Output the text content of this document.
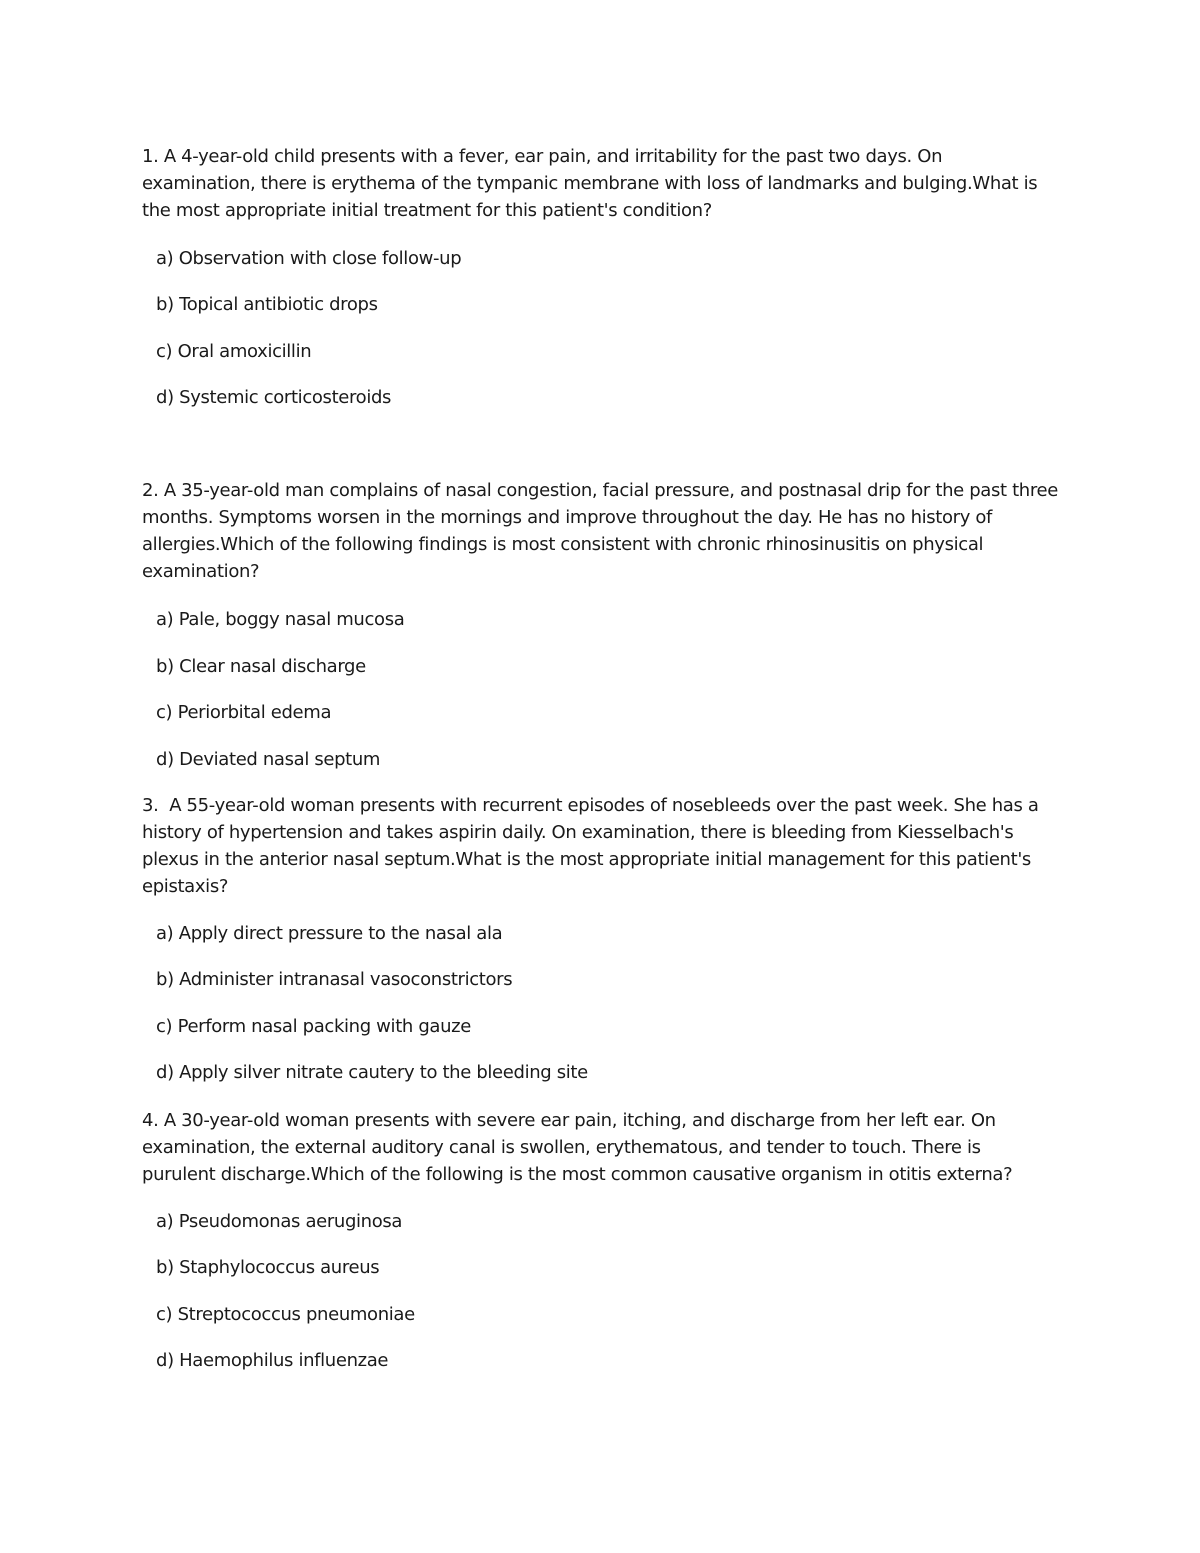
1. A 4-year-old child presents with a fever, ear pain, and irritability for the past two days. On
examination, there is erythema of the tympanic membrane with loss of landmarks and bulging.What is
the most appropriate initial treatment for this patient's condition?
a) Observation with close follow-up
b) Topical antibiotic drops
c) Oral amoxicillin
d) Systemic corticosteroids
2. A 35-year-old man complains of nasal congestion, facial pressure, and postnasal drip for the past three
months. Symptoms worsen in the mornings and improve throughout the day. He has no history of
allergies.Which of the following findings is most consistent with chronic rhinosinusitis on physical
examination?
a) Pale, boggy nasal mucosa
b) Clear nasal discharge
c) Periorbital edema
d) Deviated nasal septum
3.  A 55-year-old woman presents with recurrent episodes of nosebleeds over the past week. She has a
history of hypertension and takes aspirin daily. On examination, there is bleeding from Kiesselbach's
plexus in the anterior nasal septum.What is the most appropriate initial management for this patient's
epistaxis?
a) Apply direct pressure to the nasal ala
b) Administer intranasal vasoconstrictors
c) Perform nasal packing with gauze
d) Apply silver nitrate cautery to the bleeding site
4. A 30-year-old woman presents with severe ear pain, itching, and discharge from her left ear. On
examination, the external auditory canal is swollen, erythematous, and tender to touch. There is
purulent discharge.Which of the following is the most common causative organism in otitis externa?
a) Pseudomonas aeruginosa
b) Staphylococcus aureus
c) Streptococcus pneumoniae
d) Haemophilus influenzae
